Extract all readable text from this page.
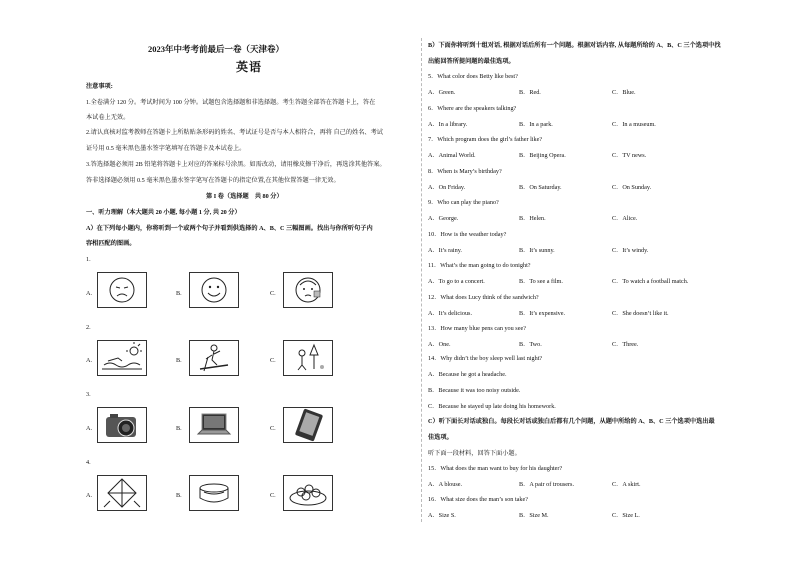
2023年中考考前最后一卷（天津卷）
英语
注意事项:
1.全卷满分 120 分。考试时间为 100 分钟。试题包含选择题和非选择题。考生答题全部答在答题卡上，答在
本试卷上无效。
2.请认真核对监考教师在答题卡上所粘贴条形码的姓名、考试证号是否与本人相符合，再将 自己的姓名、考试
证号用 0.5 毫米黑色墨水签字笔填写在答题卡及本试卷上。
3.答选择题必须用 2B 铅笔将答题卡上对应的答案标号涂黑。如需改动，请用橡皮擦干净后，再选涂其他答案。
答非选择题必须用 0.5 毫米黑色墨水签字笔写在答题卡的指定位置,在其他位置答题一律无效。
第 I 卷（选择题　共 80 分）
一、听力理解（本大题共 20 小题, 每小题 1 分, 共 20 分）
A）在下列每小题内，你将听到一个或两个句子并看到供选择的 A、B、C 三幅图画。找出与你所听句子内
容相匹配的图画。
1.
A.	B.	C.
2.
A.	B.	C.
3.
A.	B.	C.
4.
A.	B.	C.
B）下面你将听到十组对话, 根据对话后所有一个问题。根据对话内容, 从每题所给的 A、B、C 三个选项中找
出能回答所提问题的最佳选项。
5．What color does Betty like best?
A．Green.	B．Red.	C．Blue.
6．Where are the speakers talking?
A．In a library.	B．In a park.	C．In a museum.
7．Which program does the girl’s father like?
A．Animal World.	B．Beijing Opera.	C．TV news.
8．When is Mary’s birthday?
A．On Friday.	B．On Saturday.	C．On Sunday.
9．Who can play the piano?
A．George.	B．Helen.	C．Alice.
10．How is the weather today?
A．It’s rainy.	B．It’s sunny.	C．It’s windy.
11．What’s the man going to do tonight?
A．To go to a concert.	B．To see a film.	C．To watch a football match.
12．What does Lucy think of the sandwich?
A．It’s delicious.	B．It’s expensive.	C．She doesn’t like it.
13．How many blue pens can you see?
A．One.	B．Two.	C．Three.
14．Why didn’t the boy sleep well last night?
A．Because he got a headache.
B．Because it was too noisy outside.
C．Because he stayed up late doing his homework.
C）听下面长对话或独白。每段长对话或独白后都有几个问题，从题中所给的 A、B、C 三个选项中选出最
佳选项。
听下面一段材料，回答下面小题。
15．What does the man want to buy for his daughter?
A．A blouse.	B．A pair of trousers.	C．A skirt.
16．What size does the man’s son take?
A．Size S.	B．Size M.	C．Size L.
